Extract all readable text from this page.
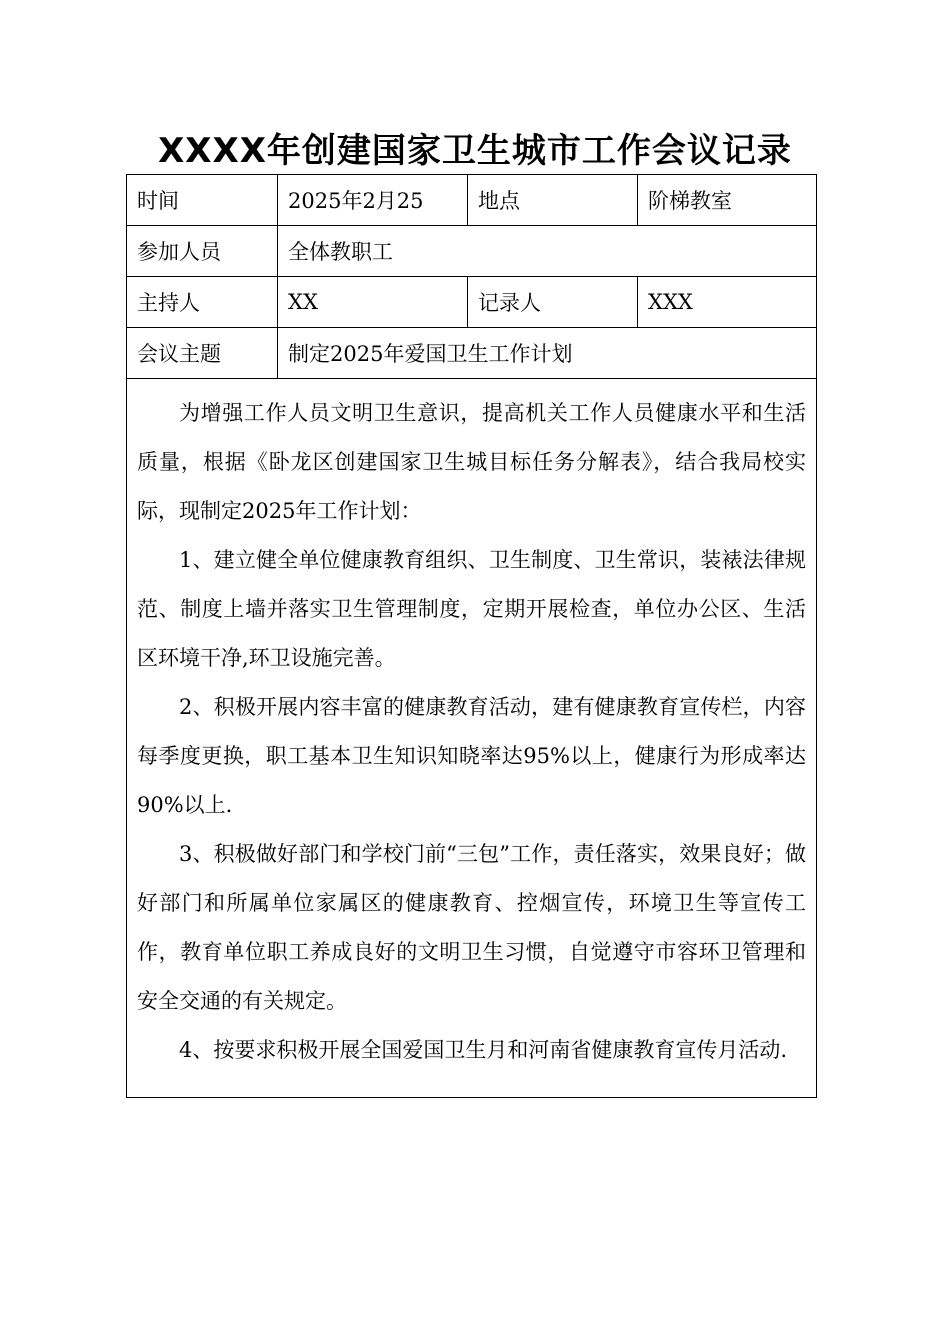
XXXX年创建国家卫生城市工作会议记录
时间	2025年2月25	地点	阶梯教室
参加人员	全体教职工		
主持人	XX	记录人	XXX
会议主题	制定2025年爱国卫生工作计划		

为增强工作人员文明卫生意识，提高机关工作人员健康水平和生活质量，根据《卧龙区创建国家卫生城目标任务分解表》，结合我局校实际，现制定2025年工作计划：

1、建立健全单位健康教育组织、卫生制度、卫生常识，装裱法律规范、制度上墙并落实卫生管理制度，定期开展检查，单位办公区、生活区环境干净,环卫设施完善。

2、积极开展内容丰富的健康教育活动，建有健康教育宣传栏，内容每季度更换，职工基本卫生知识知晓率达95%以上，健康行为形成率达90%以上.

3、积极做好部门和学校门前“三包”工作，责任落实，效果良好；做好部门和所属单位家属区的健康教育、控烟宣传，环境卫生等宣传工作，教育单位职工养成良好的文明卫生习惯，自觉遵守市容环卫管理和安全交通的有关规定。

4、按要求积极开展全国爱国卫生月和河南省健康教育宣传月活动.			
